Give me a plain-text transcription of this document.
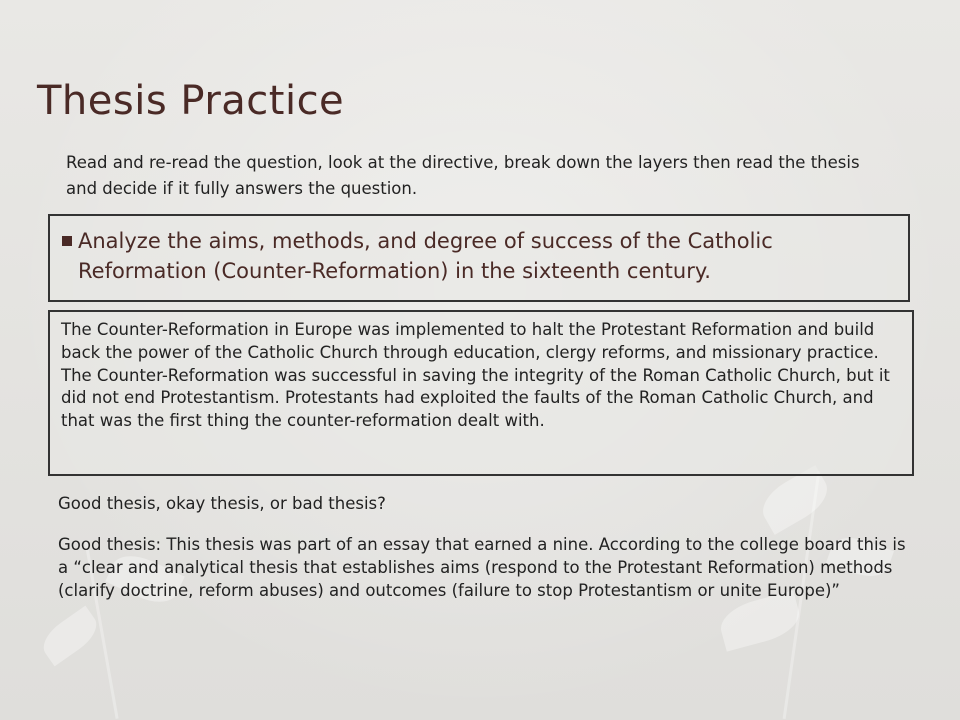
Thesis Practice
Read and re-read the question, look at the directive, break down the layers then read the thesis and decide if it fully answers the question.
Analyze the aims, methods, and degree of success of the Catholic Reformation (Counter-Reformation) in the sixteenth century.
The Counter-Reformation in Europe was implemented to halt the Protestant Reformation and build back the power of the Catholic Church through education, clergy reforms, and missionary practice. The Counter-Reformation was successful in saving the integrity of the Roman Catholic Church, but it did not end Protestantism. Protestants had exploited the faults of the Roman Catholic Church, and that was the first thing the counter-reformation dealt with.
Good thesis, okay thesis, or bad thesis?
Good thesis: This thesis was part of an essay that earned a nine. According to the college board this is a “clear and analytical thesis that establishes aims (respond to the Protestant Reformation) methods (clarify doctrine, reform abuses) and outcomes (failure to stop Protestantism or unite Europe)”
